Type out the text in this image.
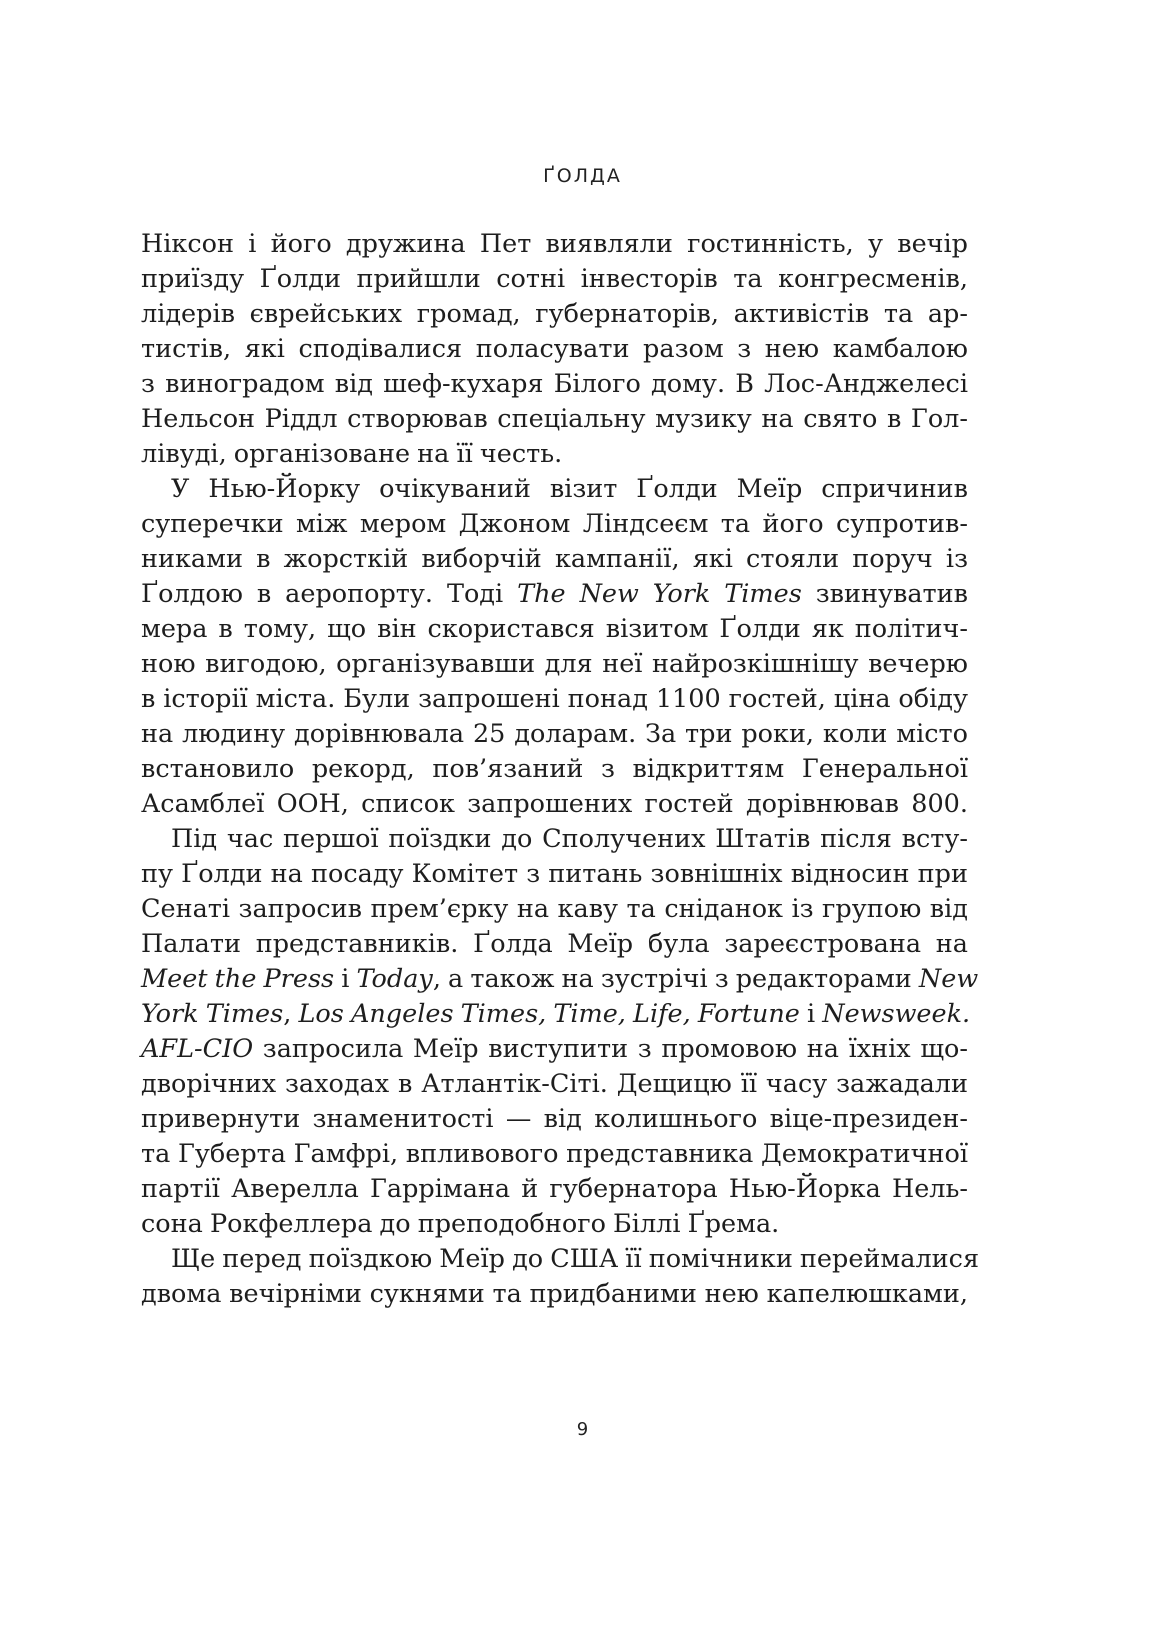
ҐОЛДА

Ніксон і його дружина Пет виявляли гостинність, у вечір
приїзду Ґолди прийшли сотні інвесторів та конгресменів,
лідерів єврейських громад, губернаторів, активістів та ар-
тистів, які сподівалися поласувати разом з нею камбалою
з виноградом від шеф-кухаря Білого дому. В Лос-Анджелесі
Нельсон Ріддл створював спеціальну музику на свято в Гол-
лівуді, організоване на її честь.

У Нью-Йорку очікуваний візит Ґолди Меїр спричинив
суперечки між мером Джоном Ліндсеєм та його супротив-
никами в жорсткій виборчій кампанії, які стояли поруч із
Ґолдою в аеропорту. Тоді The New York Times звинуватив
мера в тому, що він скористався візитом Ґолди як політич-
ною вигодою, організувавши для неї найрозкішнішу вечерю
в історії міста. Були запрошені понад 1100 гостей, ціна обіду
на людину дорівнювала 25 доларам. За три роки, коли місто
встановило рекорд, пов’язаний з відкриттям Генеральної
Асамблеї ООН, список запрошених гостей дорівнював 800.

Під час першої поїздки до Сполучених Штатів після всту-
пу Ґолди на посаду Комітет з питань зовнішніх відносин при
Сенаті запросив прем’єрку на каву та сніданок із групою від
Палати представників. Ґолда Меїр була зареєстрована на
Meet the Press і Today, а також на зустрічі з редакторами New
York Times, Los Angeles Times, Time, Life, Fortune і Newsweek.
AFL-CIO запросила Меїр виступити з промовою на їхніх що-
дворічних заходах в Атлантік-Сіті. Дещицю її часу зажадали
привернути знаменитості — від колишнього віце-президен-
та Губерта Гамфрі, впливового представника Демократичної
партії Аверелла Гаррімана й губернатора Нью-Йорка Нель-
сона Рокфеллера до преподобного Біллі Ґрема.

Ще перед поїздкою Меїр до США її помічники переймалися
двома вечірніми сукнями та придбаними нею капелюшками,

9
